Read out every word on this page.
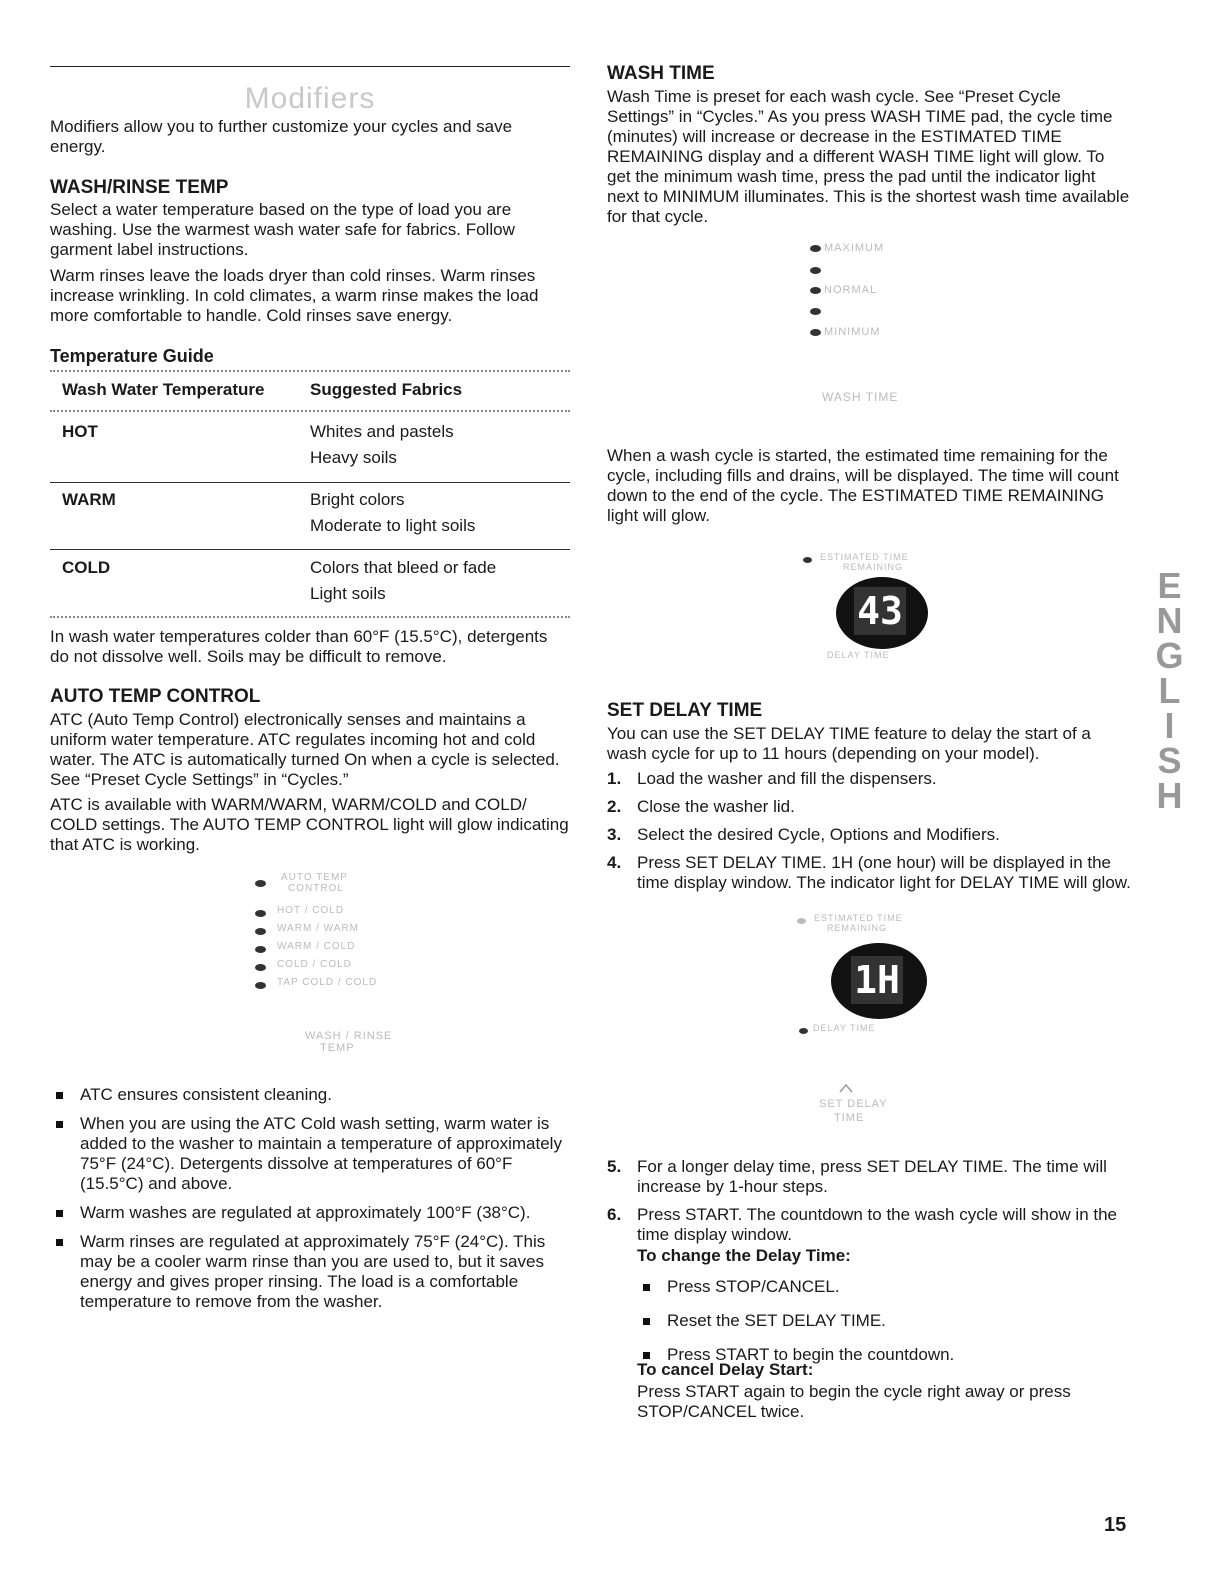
Modifiers

Modifiers allow you to further customize your cycles and save energy.

WASH/RINSE TEMP

Select a water temperature based on the type of load you are washing. Use the warmest wash water safe for fabrics. Follow garment label instructions.

Warm rinses leave the loads dryer than cold rinses. Warm rinses increase wrinkling. In cold climates, a warm rinse makes the load more comfortable to handle. Cold rinses save energy.

Temperature Guide
Wash Water Temperature	Suggested Fabrics
HOT	Whites and pastels
Heavy soils
WARM	Bright colors
Moderate to light soils
COLD	Colors that bleed or fade
Light soils

In wash water temperatures colder than 60°F (15.5°C), detergents do not dissolve well. Soils may be difficult to remove.

AUTO TEMP CONTROL

ATC (Auto Temp Control) electronically senses and maintains a uniform water temperature. ATC regulates incoming hot and cold water. The ATC is automatically turned On when a cycle is selected. See “Preset Cycle Settings” in “Cycles.”

ATC is available with WARM/WARM, WARM/COLD and COLD/ COLD settings. The AUTO TEMP CONTROL light will glow indicating that ATC is working.

AUTO TEMP
CONTROL
HOT / COLD
WARM / WARM
WARM / COLD
COLD / COLD
TAP COLD / COLD
WASH / RINSE
TEMP
ATC ensures consistent cleaning.
When you are using the ATC Cold wash setting, warm water is added to the washer to maintain a temperature of approximately 75°F (24°C). Detergents dissolve at temperatures of 60°F (15.5°C) and above.
Warm washes are regulated at approximately 100°F (38°C).
Warm rinses are regulated at approximately 75°F (24°C). This may be a cooler warm rinse than you are used to, but it saves energy and gives proper rinsing. The load is a comfortable temperature to remove from the washer.
WASH TIME

Wash Time is preset for each wash cycle. See “Preset Cycle Settings” in “Cycles.” As you press WASH TIME pad, the cycle time (minutes) will increase or decrease in the ESTIMATED TIME REMAINING display and a different WASH TIME light will glow. To get the minimum wash time, press the pad until the indicator light next to MINIMUM illuminates. This is the shortest wash time available for that cycle.

MAXIMUM
NORMAL
MINIMUM
WASH TIME

When a wash cycle is started, the estimated time remaining for the cycle, including fills and drains, will be displayed. The time will count down to the end of the cycle. The ESTIMATED TIME REMAINING light will glow.

ESTIMATED TIME
REMAINING
43
DELAY TIME
SET DELAY TIME

You can use the SET DELAY TIME feature to delay the start of a wash cycle for up to 11 hours (depending on your model).

1. Load the washer and fill the dispensers.
2. Close the washer lid.
3. Select the desired Cycle, Options and Modifiers.
4. Press SET DELAY TIME. 1H (one hour) will be displayed in the time display window. The indicator light for DELAY TIME will glow.
ESTIMATED TIME
REMAINING
1H
DELAY TIME
SET DELAY
TIME
5. For a longer delay time, press SET DELAY TIME. The time will increase by 1-hour steps.
6. Press START. The countdown to the wash cycle will show in the time display window.
To change the Delay Time:
Press STOP/CANCEL.
Reset the SET DELAY TIME.
Press START to begin the countdown.
To cancel Delay Start:

Press START again to begin the cycle right away or press STOP/CANCEL twice.

ENGLISH
15
